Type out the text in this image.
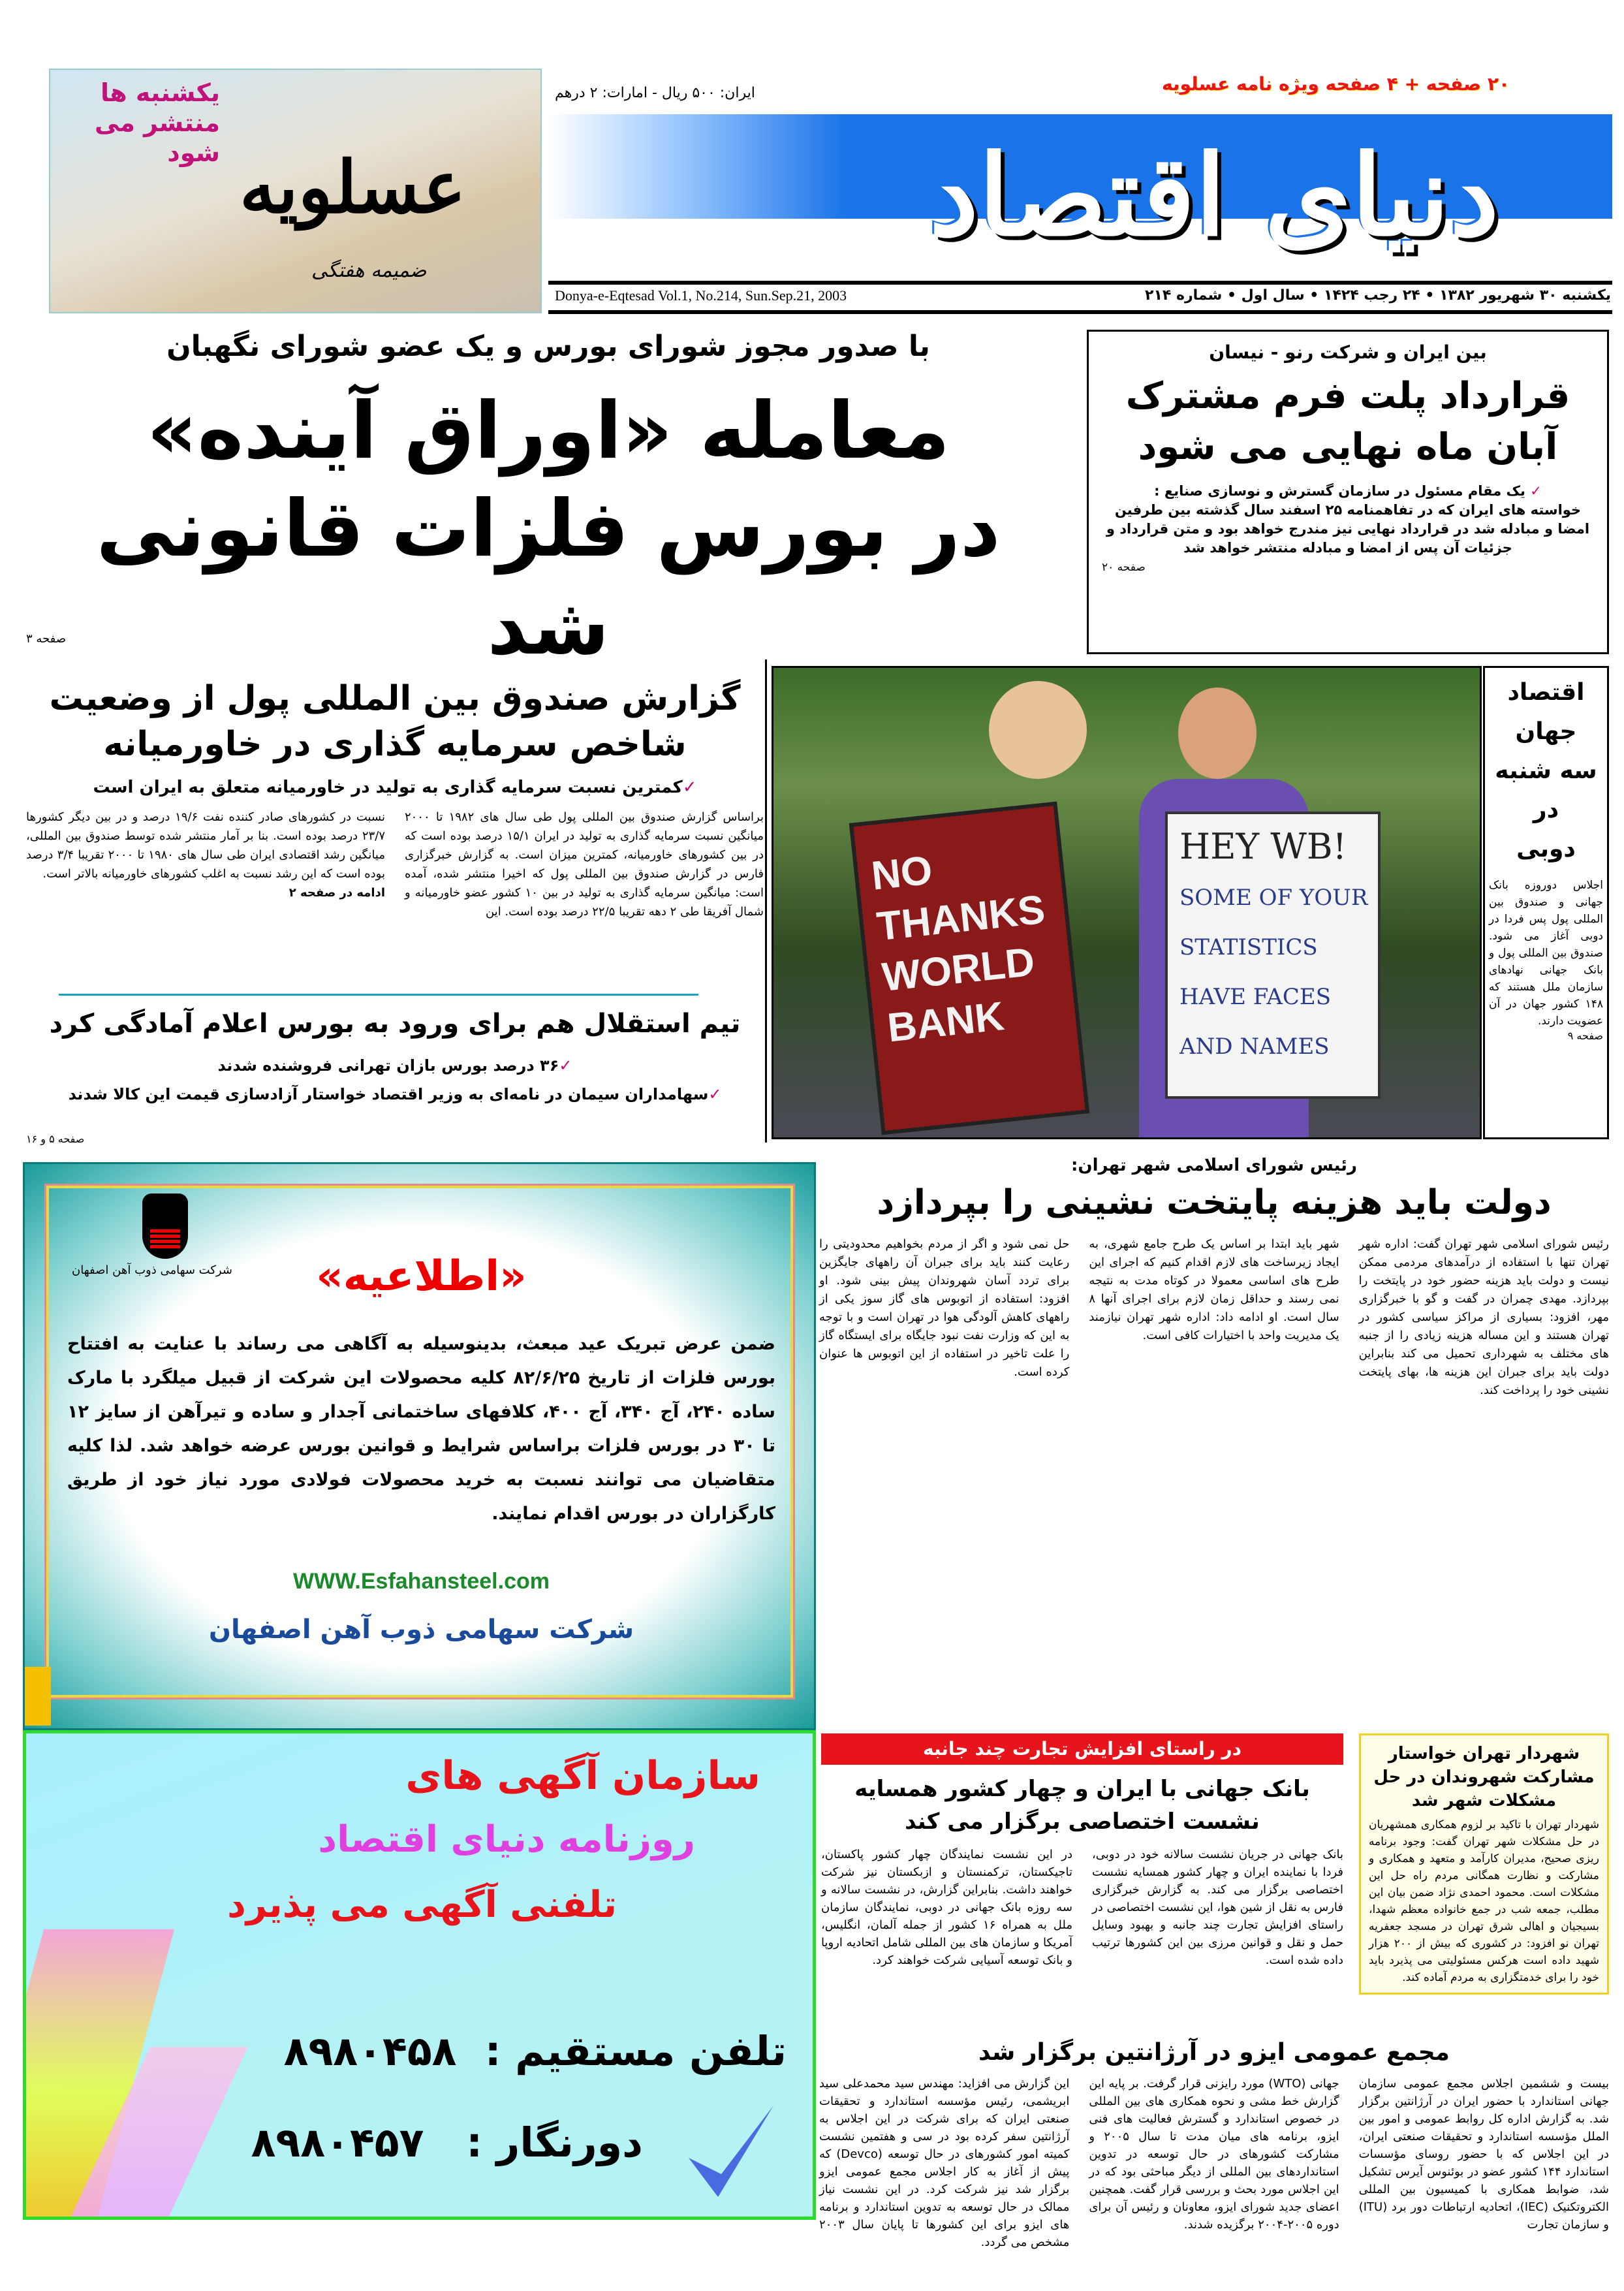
یکشنبه ها
منتشر می شود عسلویه
ضمیمه هفتگی
دنیای اقتصاد
۲۰ صفحه + ۴ صفحه ویژه نامه عسلویه
ایران: ۵۰۰ ریال - امارات: ۲ درهم
Donya-e-Eqtesad Vol.1, No.214, Sun.Sep.21, 2003	یکشنبه ۳۰ شهریور ۱۳۸۲ • ۲۴ رجب ۱۴۲۴ • سال اول • شماره ۲۱۴
با صدور مجوز شورای بورس و یک عضو شورای نگهبان
معامله «اوراق آینده»
در بورس فلزات قانونی شد
صفحه ۳
بین ایران و شرکت رنو - نیسان
قرارداد پلت فرم مشترک
آبان ماه نهایی می شود
✓ یک مقام مسئول در سازمان گسترش و نوسازی صنایع :
خواسته های ایران که در تفاهمنامه ۲۵ اسفند سال گذشته بین طرفین امضا و مبادله شد در قرارداد نهایی نیز مندرج خواهد بود و متن قرارداد و جزئیات آن پس از امضا و مبادله منتشر خواهد شد
صفحه ۲۰
گزارش صندوق بین المللی پول از وضعیت
شاخص سرمایه گذاری در خاورمیانه
✓کمترین نسبت سرمایه گذاری به تولید در خاورمیانه متعلق به ایران است
براساس گزارش صندوق بین المللی پول طی سال های ۱۹۸۲ تا ۲۰۰۰ میانگین نسبت سرمایه گذاری به تولید در ایران ۱۵/۱ درصد بوده است که در بین کشورهای خاورمیانه، کمترین میزان است. به گزارش خبرگزاری فارس در گزارش صندوق بین المللی پول که اخیرا منتشر شده، آمده است: میانگین سرمایه گذاری به تولید در بین ۱۰ کشور عضو خاورمیانه و شمال آفریقا طی ۲ دهه تقریبا ۲۲/۵ درصد بوده است. این
نسبت در کشورهای صادر کننده نفت ۱۹/۶ درصد و در بین دیگر کشورها ۲۳/۷ درصد بوده است. بنا بر آمار منتشر شده توسط صندوق بین المللی، میانگین رشد اقتصادی ایران طی سال های ۱۹۸۰ تا ۲۰۰۰ تقریبا ۳/۴ درصد بوده است که این رشد نسبت به اغلب کشورهای خاورمیانه بالاتر است.
ادامه در صفحه ۲
تیم استقلال هم برای ورود به بورس اعلام آمادگی کرد
✓۳۶ درصد بورس بازان تهرانی فروشنده شدند
✓سهامداران سیمان در نامه‌ای به وزیر اقتصاد خواستار آزادسازی قیمت این کالا شدند
صفحه ۵ و ۱۶
NO
THANKS
WORLD
BANK
HEY WB!
SOME OF YOUR
STATISTICS
HAVE FACES
AND NAMES
اقتصاد
جهان
سه شنبه
در
دوبی
اجلاس دوروزه بانک جهانی و صندوق بین المللی پول پس فردا در دوبی آغاز می شود. صندوق بین المللی پول و بانک جهانی نهادهای سازمان ملل هستند که ۱۴۸ کشور جهان در آن عضویت دارند.
صفحه ۹
شرکت سهامی ذوب آهن اصفهان	«اطلاعیه»
ضمن عرض تبریک عید مبعث، بدینوسیله به آگاهی می رساند با عنایت به افتتاح بورس فلزات از تاریخ ۸۲/۶/۲۵ کلیه محصولات این شرکت از قبیل میلگرد با مارک ساده ۲۴۰، آج ۳۴۰، آج ۴۰۰، کلافهای ساختمانی آجدار و ساده و تیرآهن از سایز ۱۲ تا ۳۰ در بورس فلزات براساس شرایط و قوانین بورس عرضه خواهد شد. لذا کلیه متقاضیان می توانند نسبت به خرید محصولات فولادی مورد نیاز خود از طریق کارگزاران در بورس اقدام نمایند.
WWW.Esfahansteel.com
شرکت سهامی ذوب آهن اصفهان
سازمان آگهی های
روزنامه دنیای اقتصاد
تلفنی آگهی می پذیرد
تلفن مستقیم :  ۸۹۸۰۴۵۸
دورنگار :   ۸۹۸۰۴۵۷
رئیس شورای اسلامی شهر تهران:
دولت باید هزینه پایتخت نشینی را بپردازد
رئیس شورای اسلامی شهر تهران گفت: اداره شهر تهران تنها با استفاده از درآمدهای مردمی ممکن نیست و دولت باید هزینه حضور خود در پایتخت را بپردازد. مهدی چمران در گفت و گو با خبرگزاری مهر، افزود: بسیاری از مراکز سیاسی کشور در تهران هستند و این مساله هزینه زیادی را از جنبه های مختلف به شهرداری تحمیل می کند بنابراین دولت باید برای جبران این هزینه ها، بهای پایتخت نشینی خود را پرداخت کند.
شهر باید ابتدا بر اساس یک طرح جامع شهری، به ایجاد زیرساخت های لازم اقدام کنیم که اجرای این طرح های اساسی معمولا در کوتاه مدت به نتیجه نمی رسند و حداقل زمان لازم برای اجرای آنها ۸ سال است. او ادامه داد: اداره شهر تهران نیازمند یک مدیریت واحد با اختیارات کافی است.
حل نمی شود و اگر از مردم بخواهیم محدودیتی را رعایت کنند باید برای جبران آن راههای جایگزین برای تردد آسان شهروندان پیش بینی شود. او افزود: استفاده از اتوبوس های گاز سوز یکی از راههای کاهش آلودگی هوا در تهران است و با توجه به این که وزارت نفت نبود جایگاه برای ایستگاه گاز را علت تاخیر در استفاده از این اتوبوس ها عنوان کرده است.
در راستای افزایش تجارت چند جانبه
بانک جهانی با ایران و چهار کشور همسایه
نشست اختصاصی برگزار می کند
بانک جهانی در جریان نشست سالانه خود در دوبی، فردا با نماینده ایران و چهار کشور همسایه نشست اختصاصی برگزار می کند. به گزارش خبرگزاری فارس به نقل از شین هوا، این نشست اختصاصی در راستای افزایش تجارت چند جانبه و بهبود وسایل حمل و نقل و قوانین مرزی بین این کشورها ترتیب داده شده است.
در این نشست نمایندگان چهار کشور پاکستان، تاجیکستان، ترکمنستان و ازبکستان نیز شرکت خواهند داشت. بنابراین گزارش، در نشست سالانه و سه روزه بانک جهانی در دوبی، نمایندگان سازمان ملل به همراه ۱۶ کشور از جمله آلمان، انگلیس، آمریکا و سازمان های بین المللی شامل اتحادیه اروپا و بانک توسعه آسیایی شرکت خواهند کرد.
شهردار تهران خواستار مشارکت شهروندان در حل مشکلات شهر شد
شهردار تهران با تاکید بر لزوم همکاری همشهریان در حل مشکلات شهر تهران گفت: وجود برنامه ریزی صحیح، مدیران کارآمد و متعهد و همکاری و مشارکت و نظارت همگانی مردم راه حل این مشکلات است. محمود احمدی نژاد ضمن بیان این مطلب، جمعه شب در جمع خانواده معظم شهدا، بسیجیان و اهالی شرق تهران در مسجد جعفریه تهران نو افزود: در کشوری که بیش از ۲۰۰ هزار شهید داده است هرکس مسئولیتی می پذیرد باید خود را برای خدمتگزاری به مردم آماده کند.
مجمع عمومی ایزو در آرژانتین برگزار شد
بیست و ششمین اجلاس مجمع عمومی سازمان جهانی استاندارد با حضور ایران در آرژانتین برگزار شد. به گزارش اداره کل روابط عمومی و امور بین الملل مؤسسه استاندارد و تحقیقات صنعتی ایران، در این اجلاس که با حضور روسای مؤسسات استاندارد ۱۴۴ کشور عضو در بوئنوس آیرس تشکیل شد، ضوابط همکاری با کمیسیون بین المللی الکتروتکنیک (IEC)، اتحادیه ارتباطات دور برد (ITU) و سازمان تجارت
جهانی (WTO) مورد رایزنی قرار گرفت. بر پایه این گزارش خط مشی و نحوه همکاری های بین المللی در خصوص استاندارد و گسترش فعالیت های فنی ایزو، برنامه های میان مدت تا سال ۲۰۰۵ و مشارکت کشورهای در حال توسعه در تدوین استانداردهای بین المللی از دیگر مباحثی بود که در این اجلاس مورد بحث و بررسی قرار گفت. همچنین اعضای جدید شورای ایزو، معاونان و رئیس آن برای دوره ۲۰۰۵-۲۰۰۴ برگزیده شدند.
این گزارش می افزاید: مهندس سید محمدعلی سید ابریشمی، رئیس مؤسسه استاندارد و تحقیقات صنعتی ایران که برای شرکت در این اجلاس به آرژانتین سفر کرده بود در سی و هفتمین نشست کمیته امور کشورهای در حال توسعه (Devco) که پیش از آغاز به کار اجلاس مجمع عمومی ایزو برگزار شد نیز شرکت کرد. در این نشست نیاز ممالک در حال توسعه به تدوین استاندارد و برنامه های ایزو برای این کشورها تا پایان سال ۲۰۰۳ مشخص می گردد.
